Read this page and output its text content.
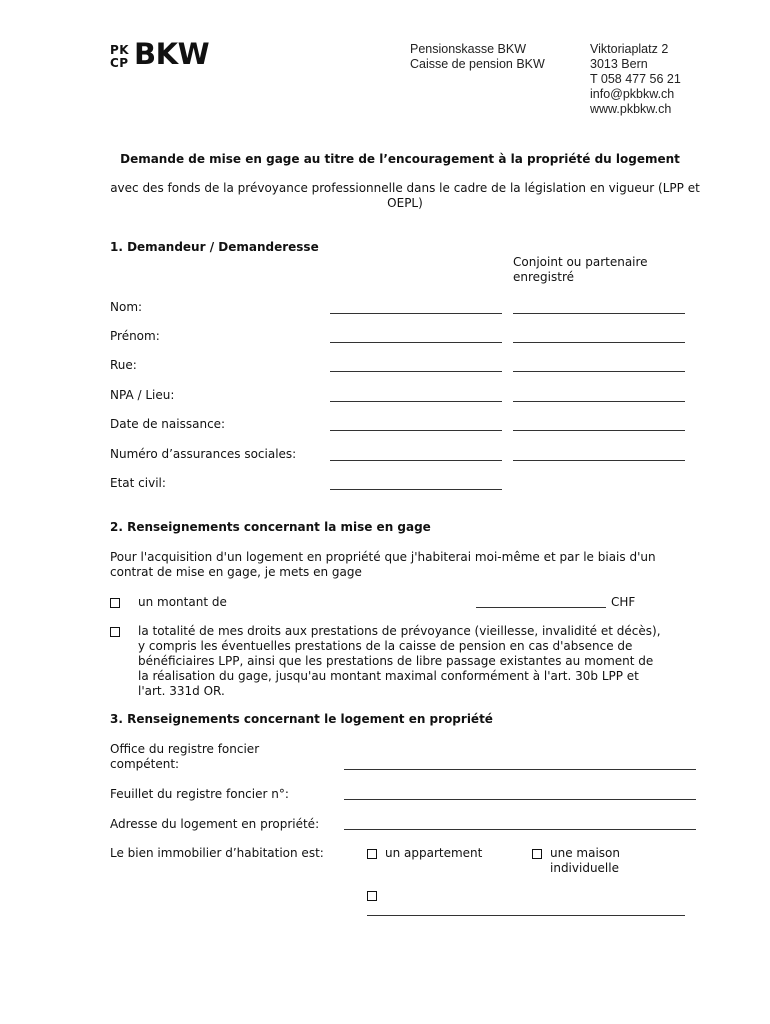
PK
CP BKW	Pensionskasse BKW
Caisse de pension BKW
Viktoriaplatz 2
3013 Bern
T 058 477 56 21
info@pkbkw.ch
www.pkbkw.ch
Demande de mise en gage au titre de l’encouragement à la propriété du logement
avec des fonds de la prévoyance professionnelle dans le cadre de la législation en vigueur (LPP et OEPL)
1. Demandeur / Demanderesse
Conjoint ou partenaire enregistré
Nom:
Prénom:
Rue:
NPA / Lieu:
Date de naissance:
Numéro d’assurances sociales:
Etat civil:
2. Renseignements concernant la mise en gage
Pour l'acquisition d'un logement en propriété que j'habiterai moi-même et par le biais d'un contrat de mise en gage, je mets en gage
un montant de	CHF
la totalité de mes droits aux prestations de prévoyance (vieillesse, invalidité et décès), y compris les éventuelles prestations de la caisse de pension en cas d'absence de bénéficiaires LPP, ainsi que les prestations de libre passage existantes au moment de la réalisation du gage, jusqu'au montant maximal conformément à l'art. 30b LPP et l'art. 331d OR.
3. Renseignements concernant le logement en propriété
Office du registre foncier compétent:
Feuillet du registre foncier n°:
Adresse du logement en propriété:
Le bien immobilier d’habitation est:	un appartement	une maison individuelle
